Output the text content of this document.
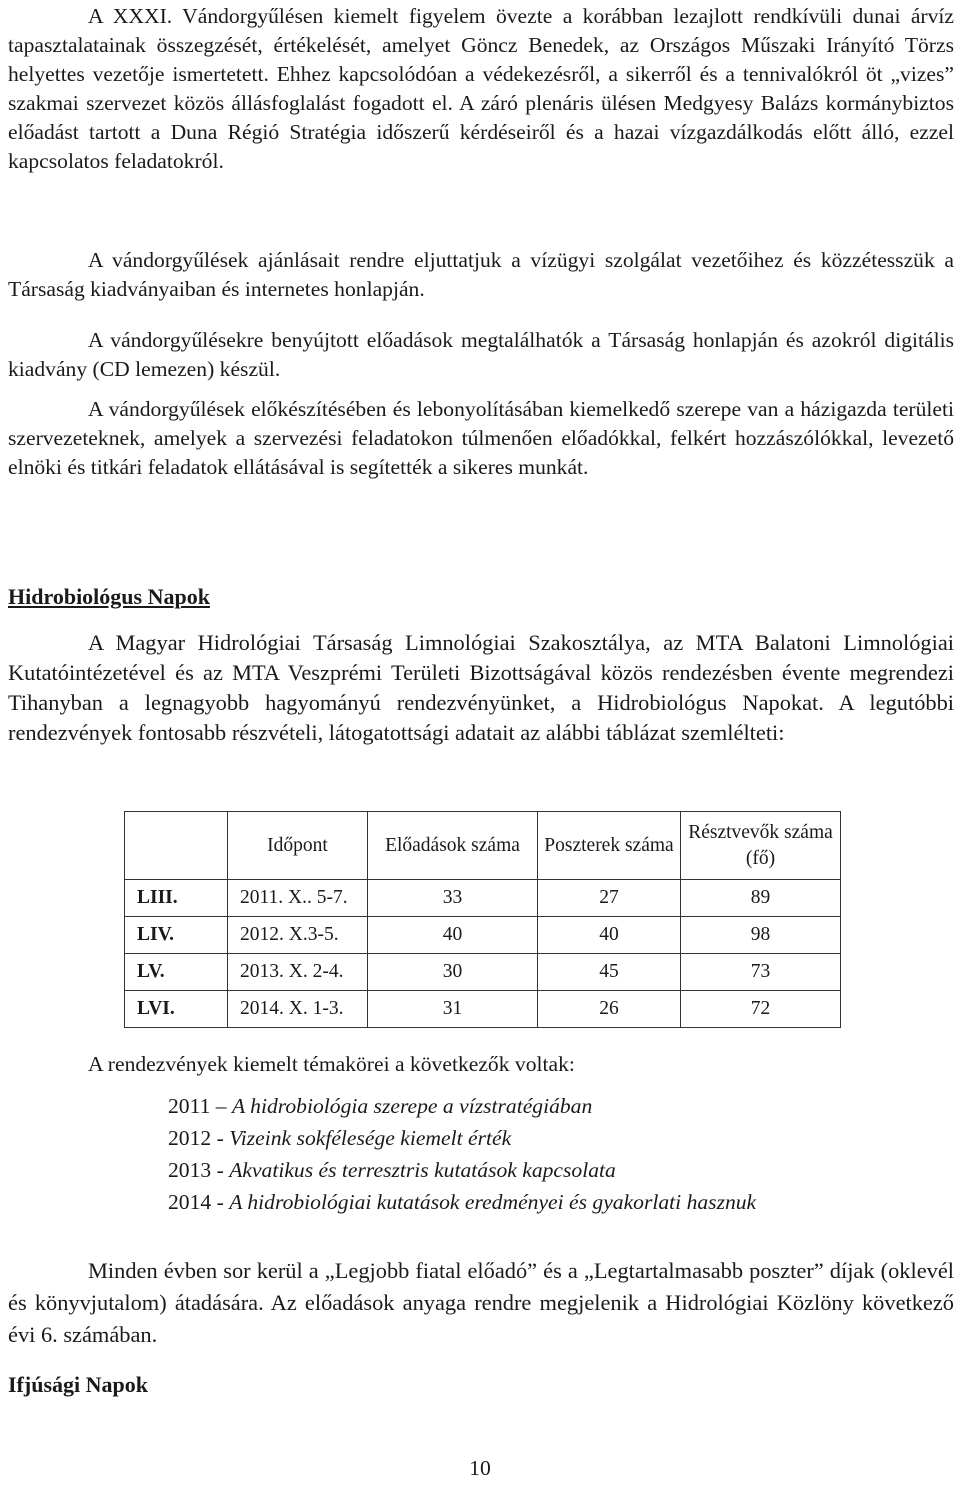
A XXXI. Vándorgyűlésen kiemelt figyelem övezte a korábban lezajlott rendkívüli dunai árvíz tapasztalatainak összegzését, értékelését, amelyet Göncz Benedek, az Országos Műszaki Irányító Törzs helyettes vezetője ismertetett. Ehhez kapcsolódóan a védekezésről, a sikerről és a tennivalókról öt „vizes” szakmai szervezet közös állásfoglalást fogadott el. A záró plenáris ülésen Medgyesy Balázs kormánybiztos előadást tartott a Duna Régió Stratégia időszerű kérdéseiről és a hazai vízgazdálkodás előtt álló, ezzel kapcsolatos feladatokról.

A vándorgyűlések ajánlásait rendre eljuttatjuk a vízügyi szolgálat vezetőihez és közzétesszük a Társaság kiadványaiban és internetes honlapján.

A vándorgyűlésekre benyújtott előadások megtalálhatók a Társaság honlapján és azokról digitális kiadvány (CD lemezen) készül.

A vándorgyűlések előkészítésében és lebonyolításában kiemelkedő szerepe van a házigazda területi szervezeteknek, amelyek a szervezési feladatokon túlmenően előadókkal, felkért hozzászólókkal, levezető elnöki és titkári feladatok ellátásával is segítették a sikeres munkát.

Hidrobiológus Napok

A Magyar Hidrológiai Társaság Limnológiai Szakosztálya, az MTA Balatoni Limnológiai Kutatóintézetével és az MTA Veszprémi Területi Bizottságával közös rendezésben évente megrendezi Tihanyban a legnagyobb hagyományú rendezvényünket, a Hidrobiológus Napokat. A legutóbbi rendezvények fontosabb részvételi, látogatottsági adatait az alábbi táblázat szemlélteti:

	Időpont	Előadások száma	Poszterek száma	Résztvevők száma (fő)
LIII.	2011. X.. 5-7.	33	27	89
LIV.	2012. X.3-5.	40	40	98
LV.	2013. X. 2-4.	30	45	73
LVI.	2014. X. 1-3.	31	26	72

A rendezvények kiemelt témakörei a következők voltak:

2011 – A hidrobiológia szerepe a vízstratégiában
2012 - Vizeink sokfélesége kiemelt érték
2013 - Akvatikus és terresztris kutatások kapcsolata
2014 - A hidrobiológiai kutatások eredményei és gyakorlati hasznuk

Minden évben sor kerül a „Legjobb fiatal előadó” és a „Legtartalmasabb poszter” díjak (oklevél és könyvjutalom) átadására. Az előadások anyaga rendre megjelenik a Hidrológiai Közlöny következő évi 6. számában.

Ifjúsági Napok
10
